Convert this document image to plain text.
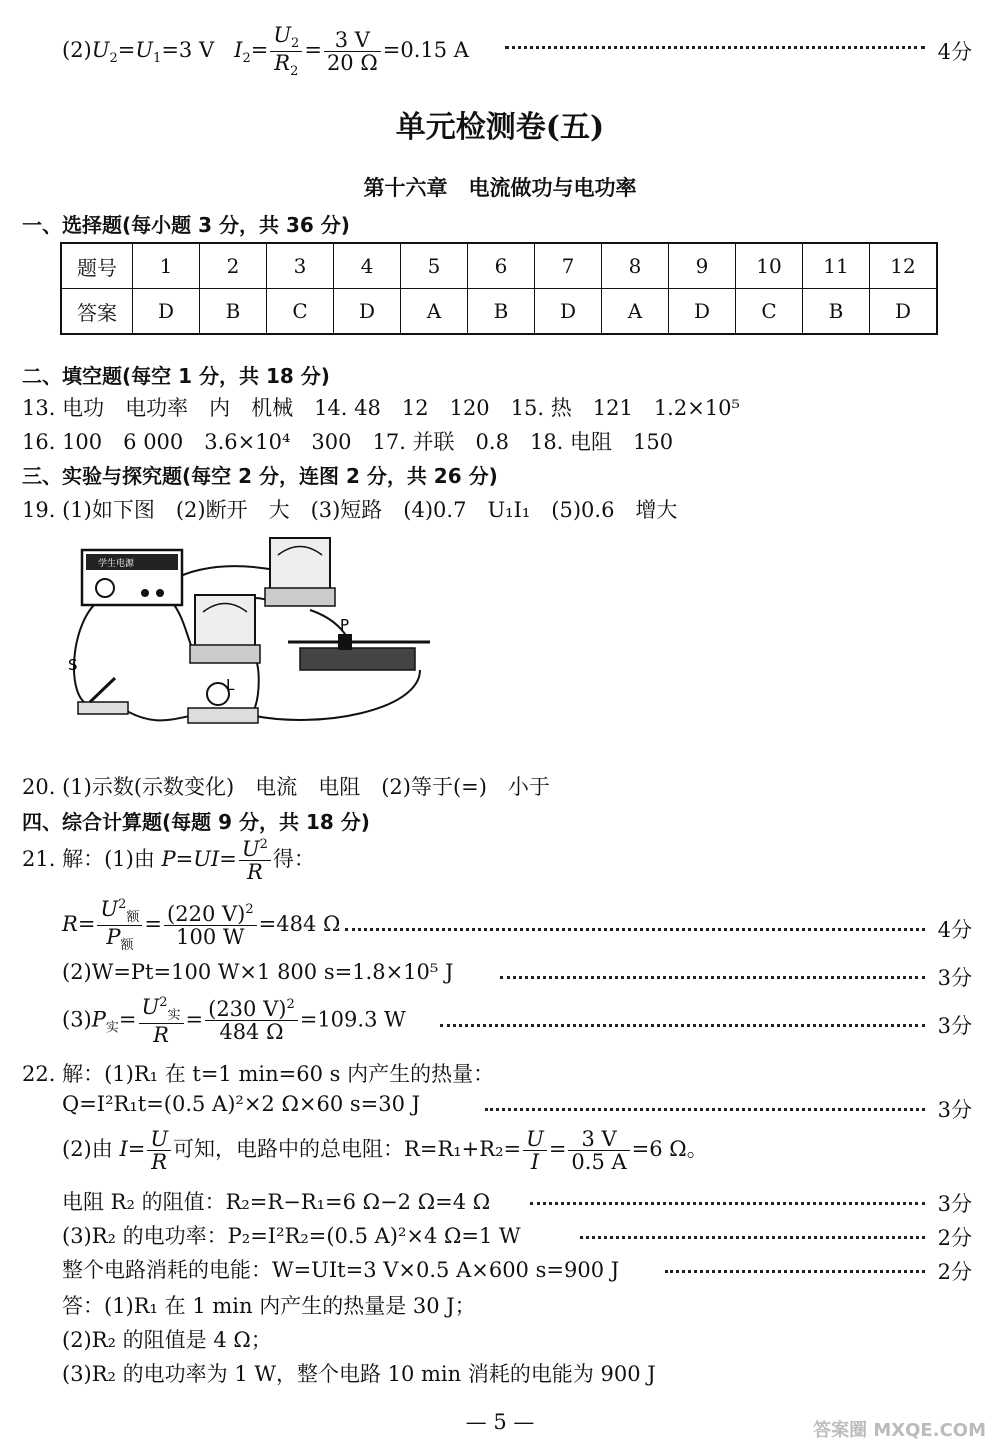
$(2)U_2=U_1=3$ V   $I_2= \frac{U_2}{R_2} = \frac{3 V}{20 \Omega} =0.15$ A	4分
单元检测卷(五)
第十六章　电流做功与电功率
一、选择题(每小题 3 分，共 36 分)
题号	1	2	3	4	5	6	7	8	9	10	11	12
答案	D	B	C	D	A	B	D	A	D	C	B	D
二、填空题(每空 1 分，共 18 分)
13. 电功　电功率　内　机械　14. 48　12　120　15. 热　121　1.2×10⁵
16. 100　6 000　3.6×10⁴　300　17. 并联　0.8　18. 电阻　150
三、实验与探究题(每空 2 分，连图 2 分，共 26 分)
19. (1)如下图　(2)断开　大　(3)短路　(4)0.7　U₁I₁　(5)0.6　增大
学生电源
P
S
L
20. (1)示数(示数变化)　电流　电阻　(2)等于(=)　小于
四、综合计算题(每题 9 分，共 18 分)
21. 解：(1)由 $P=UI= \frac{U^2}{R}$ 得：
$R= \frac{U^2_额}{P_额} = \frac{(220 V)^2}{100 W} =484$ Ω	4分
(2)W=Pt=100 W×1 800 s=1.8×10⁵ J	3分
$(3)P_实= \frac{U^2_实}{R} = \frac{(230 V)^2}{484 \Omega} =109.3$ W	3分
22. 解：(1)R₁ 在 t=1 min=60 s 内产生的热量：
Q=I²R₁t=(0.5 A)²×2 Ω×60 s=30 J	3分
(2)由 $I= \frac{U}{R}$ 可知，电路中的总电阻：$R=R_1+R_2= \frac{U}{I} = \frac{3 V}{0.5 A} =6$ Ω。
电阻 R₂ 的阻值：R₂=R−R₁=6 Ω−2 Ω=4 Ω	3分
(3)R₂ 的电功率：P₂=I²R₂=(0.5 A)²×4 Ω=1 W	2分
整个电路消耗的电能：W=UIt=3 V×0.5 A×600 s=900 J	2分
答：(1)R₁ 在 1 min 内产生的热量是 30 J；
(2)R₂ 的阻值是 4 Ω；
(3)R₂ 的电功率为 1 W，整个电路 10 min 消耗的电能为 900 J
— 5 —	答案圈 MXQE.COM
